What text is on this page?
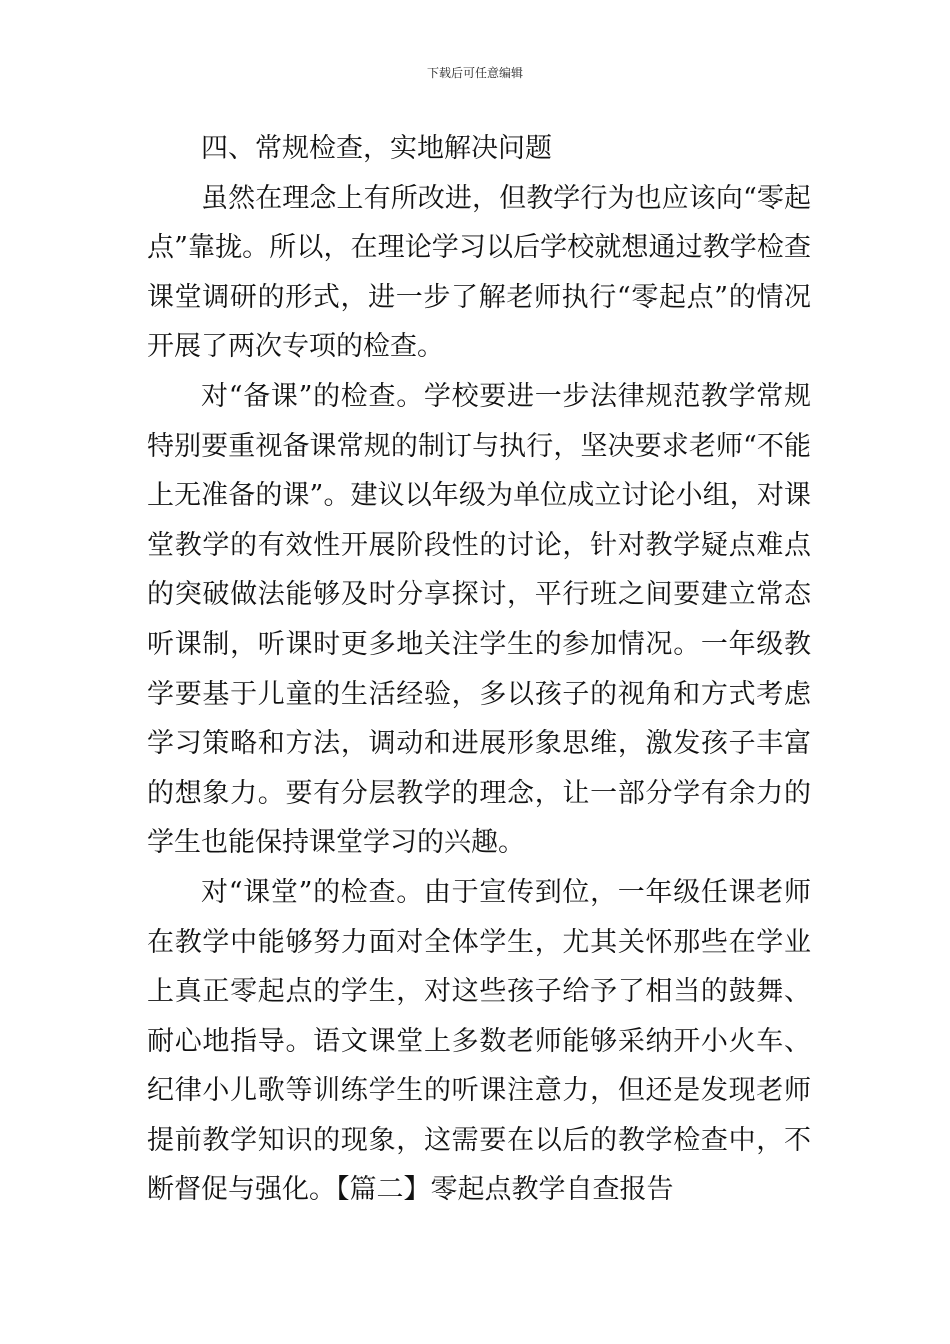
下载后可任意编辑

四、常规检查，实地解决问题

虽然在理念上有所改进，但教学行为也应该向“零起点”靠拢。所以，在理论学习以后学校就想通过教学检查课堂调研的形式，进一步了解老师执行“零起点”的情况开展了两次专项的检查。

对“备课”的检查。学校要进一步法律规范教学常规特别要重视备课常规的制订与执行，坚决要求老师“不能上无准备的课”。建议以年级为单位成立讨论小组，对课堂教学的有效性开展阶段性的讨论，针对教学疑点难点的突破做法能够及时分享探讨，平行班之间要建立常态听课制，听课时更多地关注学生的参加情况。一年级教学要基于儿童的生活经验，多以孩子的视角和方式考虑学习策略和方法，调动和进展形象思维，激发孩子丰富的想象力。要有分层教学的理念，让一部分学有余力的学生也能保持课堂学习的兴趣。

对“课堂”的检查。由于宣传到位，一年级任课老师在教学中能够努力面对全体学生，尤其关怀那些在学业上真正零起点的学生，对这些孩子给予了相当的鼓舞、耐心地指导。语文课堂上多数老师能够采纳开小火车、纪律小儿歌等训练学生的听课注意力，但还是发现老师提前教学知识的现象，这需要在以后的教学检查中，不断督促与强化。【篇二】零起点教学自查报告
